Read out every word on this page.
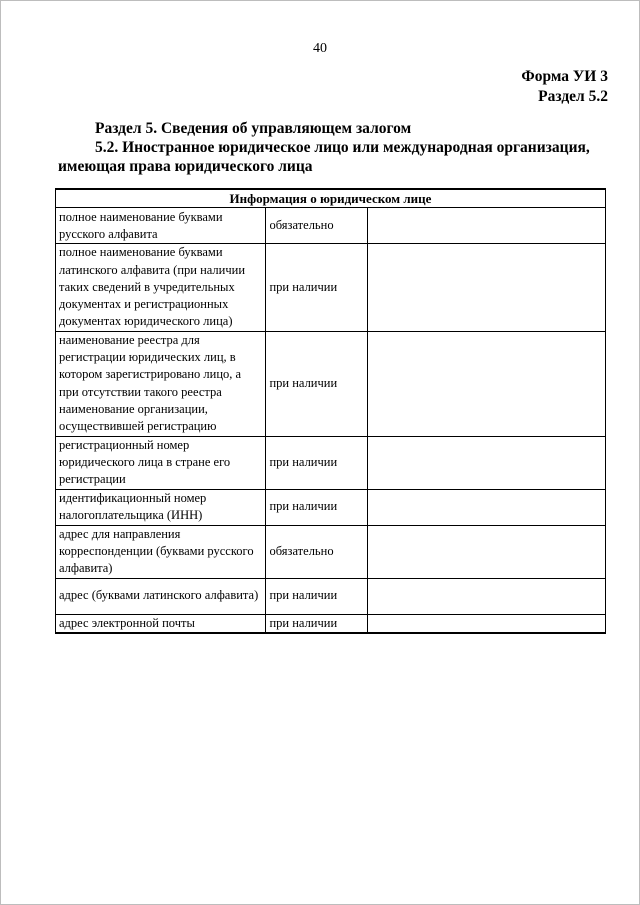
40
Форма УИ 3
Раздел 5.2
Раздел 5. Сведения об управляющем залогом
5.2. Иностранное юридическое лицо или международная организация,
имеющая права юридического лица
Информация о юридическом лице		
полное наименование буквами русского алфавита	обязательно	
полное наименование буквами латинского алфавита (при наличии таких сведений в учредительных документах и регистрационных документах юридического лица)	при наличии	
наименование реестра для регистрации юридических лиц, в котором зарегистрировано лицо, а при отсутствии такого реестра наименование организации, осуществившей регистрацию	при наличии	
регистрационный номер юридического лица в стране его регистрации	при наличии	
идентификационный номер налогоплательщика (ИНН)	при наличии	
адрес для направления корреспонденции (буквами русского алфавита)	обязательно	
адрес (буквами латинского алфавита)	при наличии	
адрес электронной почты	при наличии	
